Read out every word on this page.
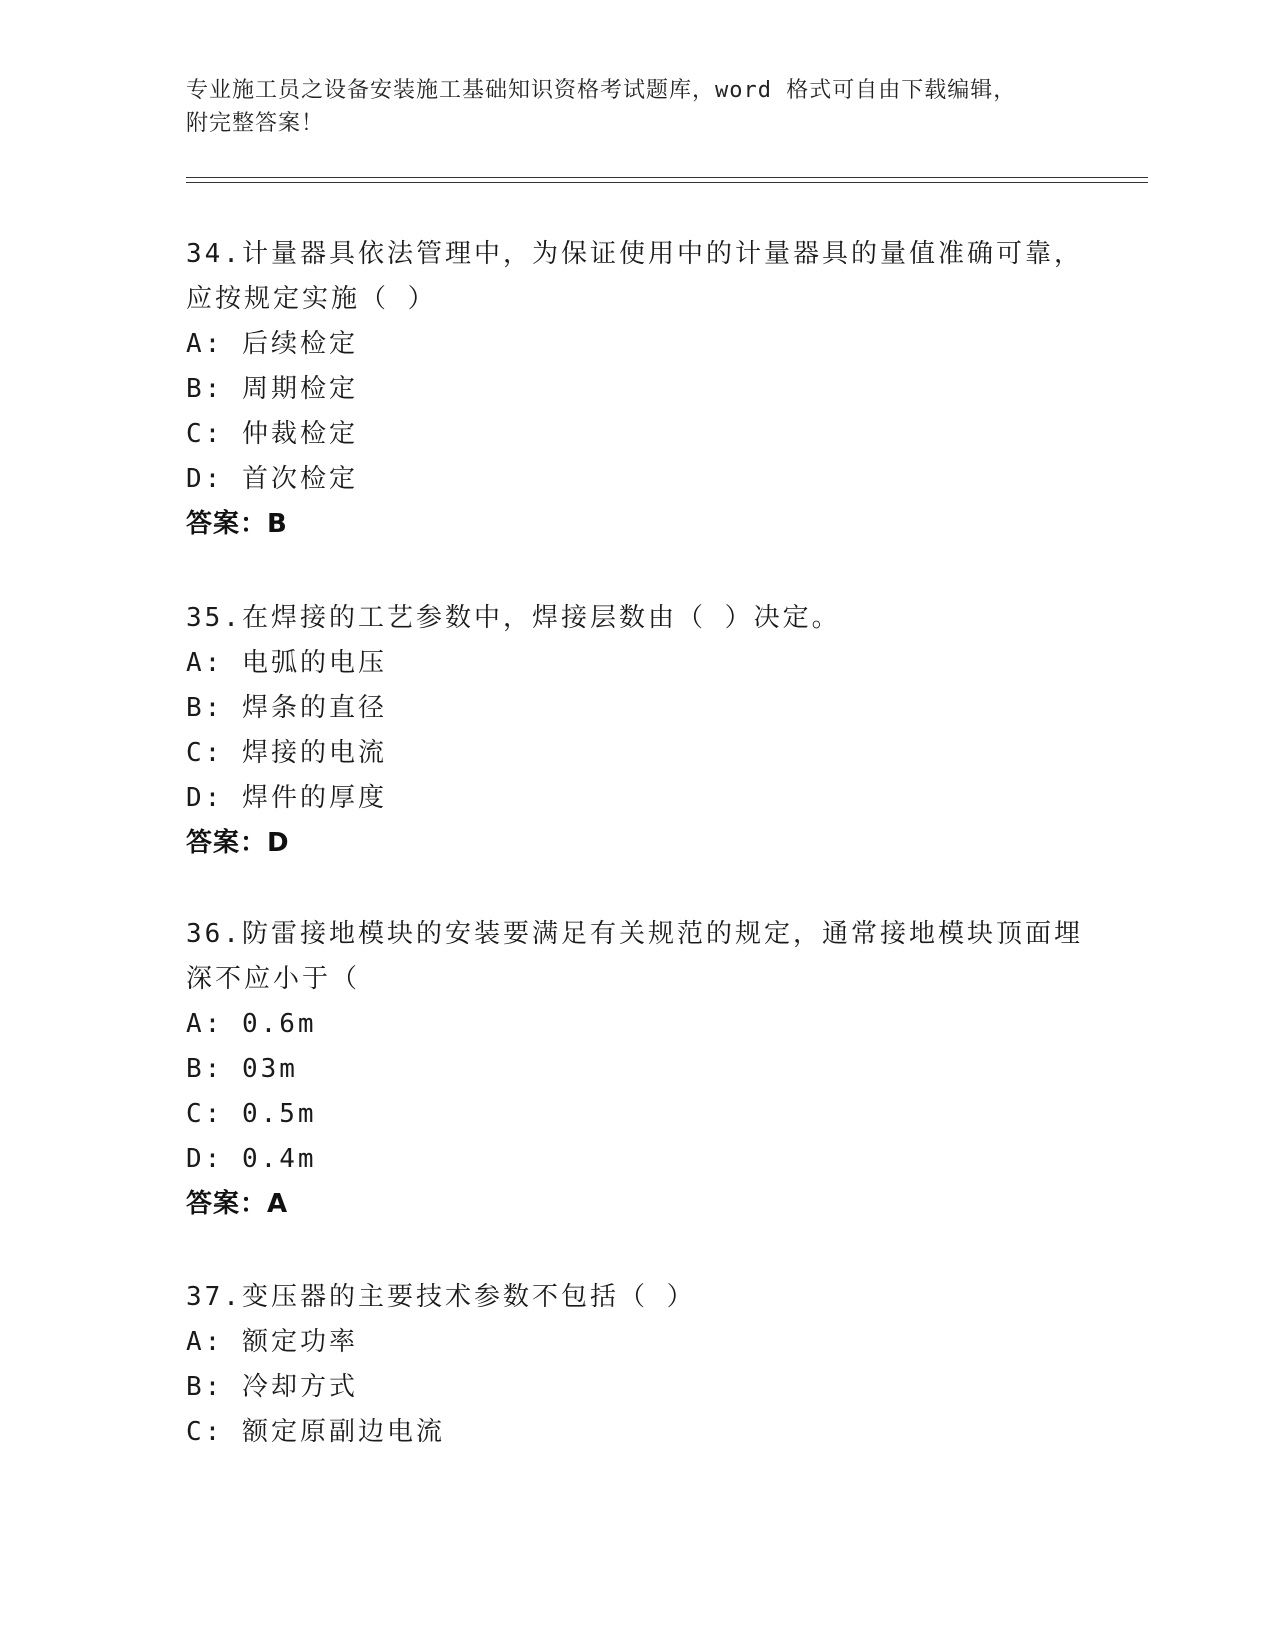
专业施工员之设备安装施工基础知识资格考试题库，word 格式可自由下载编辑，
附完整答案！
34.计量器具依法管理中，为保证使用中的计量器具的量值准确可靠，
应按规定实施（ ）
A: 后续检定
B: 周期检定
C: 仲裁检定
D: 首次检定
答案：B
35.在焊接的工艺参数中，焊接层数由（ ）决定。
A: 电弧的电压
B: 焊条的直径
C: 焊接的电流
D: 焊件的厚度
答案：D
36.防雷接地模块的安装要满足有关规范的规定，通常接地模块顶面埋
深不应小于（
A: 0.6m
B: 03m
C: 0.5m
D: 0.4m
答案：A
37.变压器的主要技术参数不包括（ ）
A: 额定功率
B: 冷却方式
C: 额定原副边电流
